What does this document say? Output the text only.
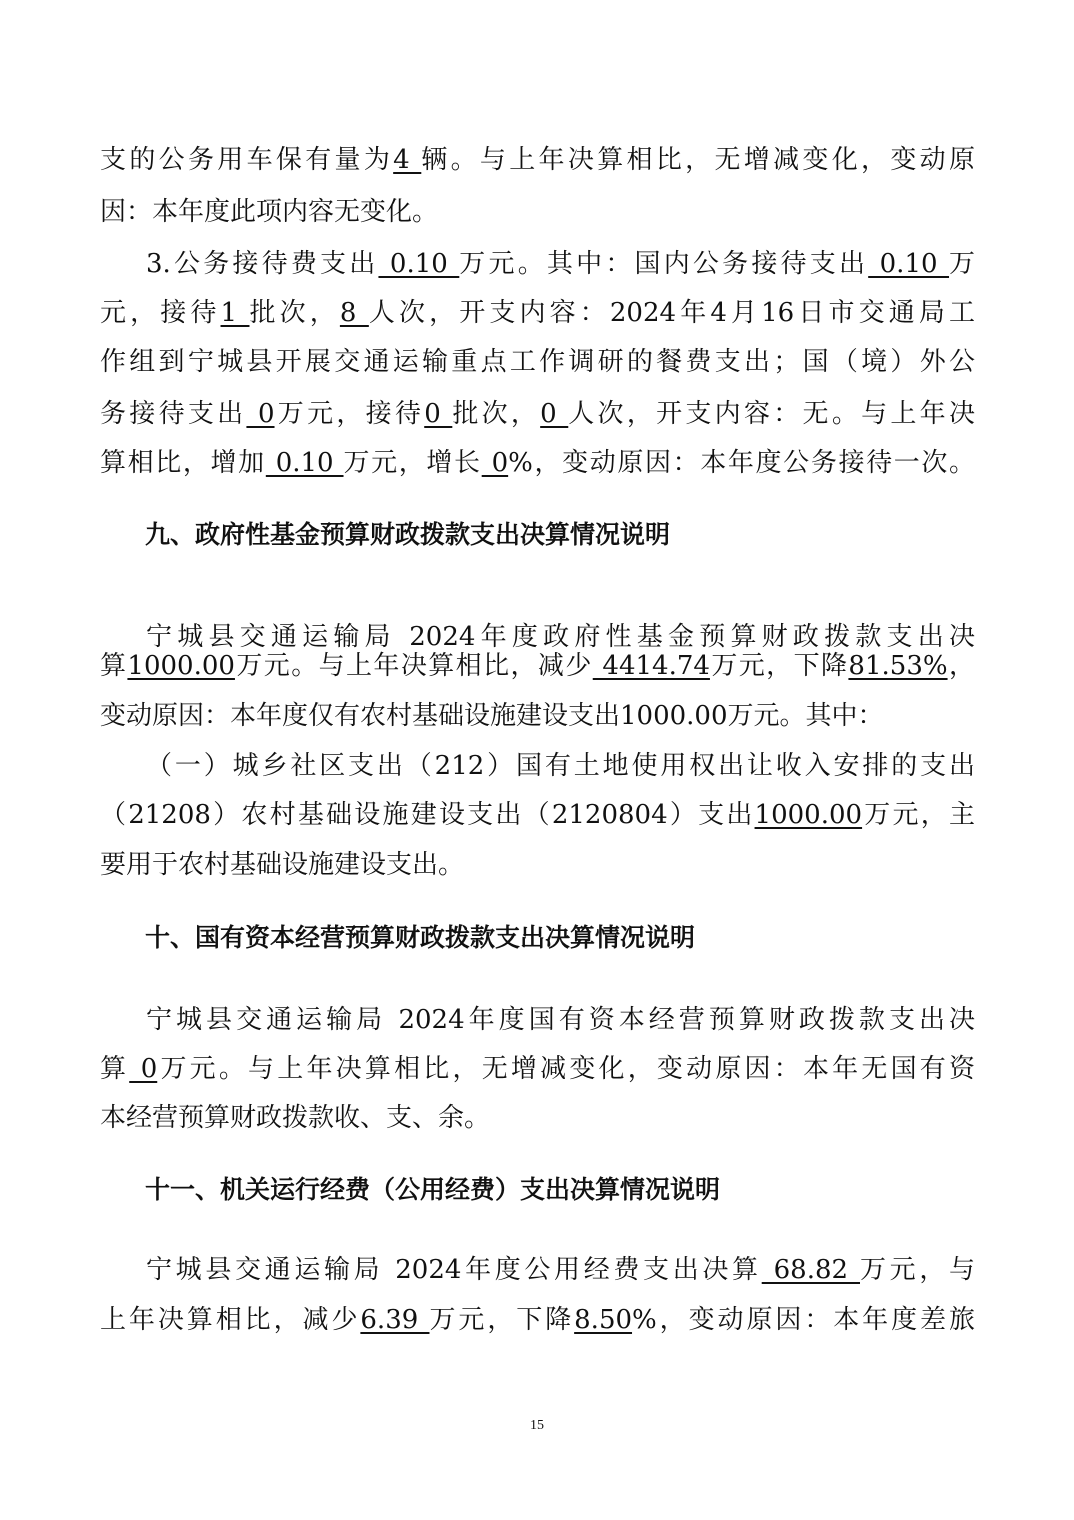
支的公务用车保有量为4 辆。与上年决算相比，无增减变化，变动原
因：本年度此项内容无变化。
3.公务接待费支出 0.10 万元。其中：国内公务接待支出 0.10 万
元，接待1 批次，8 人次，开支内容：2024年4月16日市交通局工
作组到宁城县开展交通运输重点工作调研的餐费支出；国（境）外公
务接待支出 0万元，接待0 批次，0 人次，开支内容：无。与上年决
算相比，增加 0.10 万元，增长 0%，变动原因：本年度公务接待一次。
九、政府性基金预算财政拨款支出决算情况说明
宁城县交通运输局 2024年度政府性基金预算财政拨款支出决
算1000.00万元。与上年决算相比，减少 4414.74万元，下降81.53%，
变动原因：本年度仅有农村基础设施建设支出1000.00万元。其中：
（一）城乡社区支出（212）国有土地使用权出让收入安排的支出
（21208）农村基础设施建设支出（2120804）支出1000.00万元，主
要用于农村基础设施建设支出。
十、国有资本经营预算财政拨款支出决算情况说明
宁城县交通运输局 2024年度国有资本经营预算财政拨款支出决
算 0万元。与上年决算相比，无增减变化，变动原因：本年无国有资
本经营预算财政拨款收、支、余。
十一、机关运行经费（公用经费）支出决算情况说明
宁城县交通运输局 2024年度公用经费支出决算 68.82 万元，与
上年决算相比，减少6.39 万元，下降8.50%，变动原因：本年度差旅
15
